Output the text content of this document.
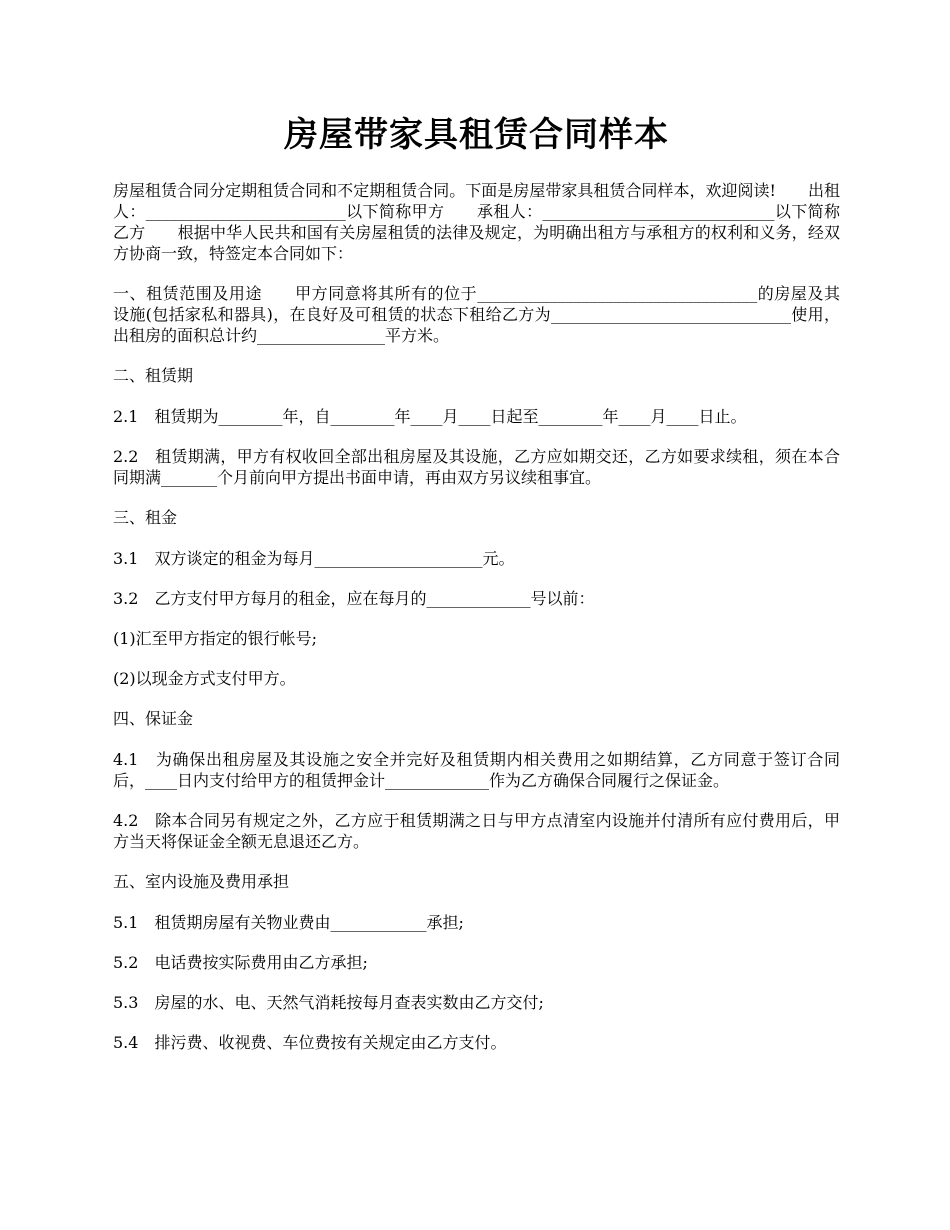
房屋带家具租赁合同样本

房屋租赁合同分定期租赁合同和不定期租赁合同。下面是房屋带家具租赁合同样本，欢迎阅读!　　出租人：_________________________以下简称甲方　　承租人：_____________________________以下简称乙方　　根据中华人民共和国有关房屋租赁的法律及规定，为明确出租方与承租方的权利和义务，经双方协商一致，特签定本合同如下：

一、租赁范围及用途　　甲方同意将其所有的位于___________________________________的房屋及其设施(包括家私和器具)，在良好及可租赁的状态下租给乙方为______________________________使用，出租房的面积总计约________________平方米。

二、租赁期

2.1　租赁期为________年，自________年____月____日起至________年____月____日止。

2.2　租赁期满，甲方有权收回全部出租房屋及其设施，乙方应如期交还，乙方如要求续租，须在本合同期满_______个月前向甲方提出书面申请，再由双方另议续租事宜。

三、租金

3.1　双方谈定的租金为每月_____________________元。

3.2　乙方支付甲方每月的租金，应在每月的_____________号以前：

(1)汇至甲方指定的银行帐号;

(2)以现金方式支付甲方。

四、保证金

4.1　为确保出租房屋及其设施之安全并完好及租赁期内相关费用之如期结算，乙方同意于签订合同后，____日内支付给甲方的租赁押金计_____________作为乙方确保合同履行之保证金。

4.2　除本合同另有规定之外，乙方应于租赁期满之日与甲方点清室内设施并付清所有应付费用后，甲方当天将保证金全额无息退还乙方。

五、室内设施及费用承担

5.1　租赁期房屋有关物业费由____________承担;

5.2　电话费按实际费用由乙方承担;

5.3　房屋的水、电、天然气消耗按每月查表实数由乙方交付;

5.4　排污费、收视费、车位费按有关规定由乙方支付。
